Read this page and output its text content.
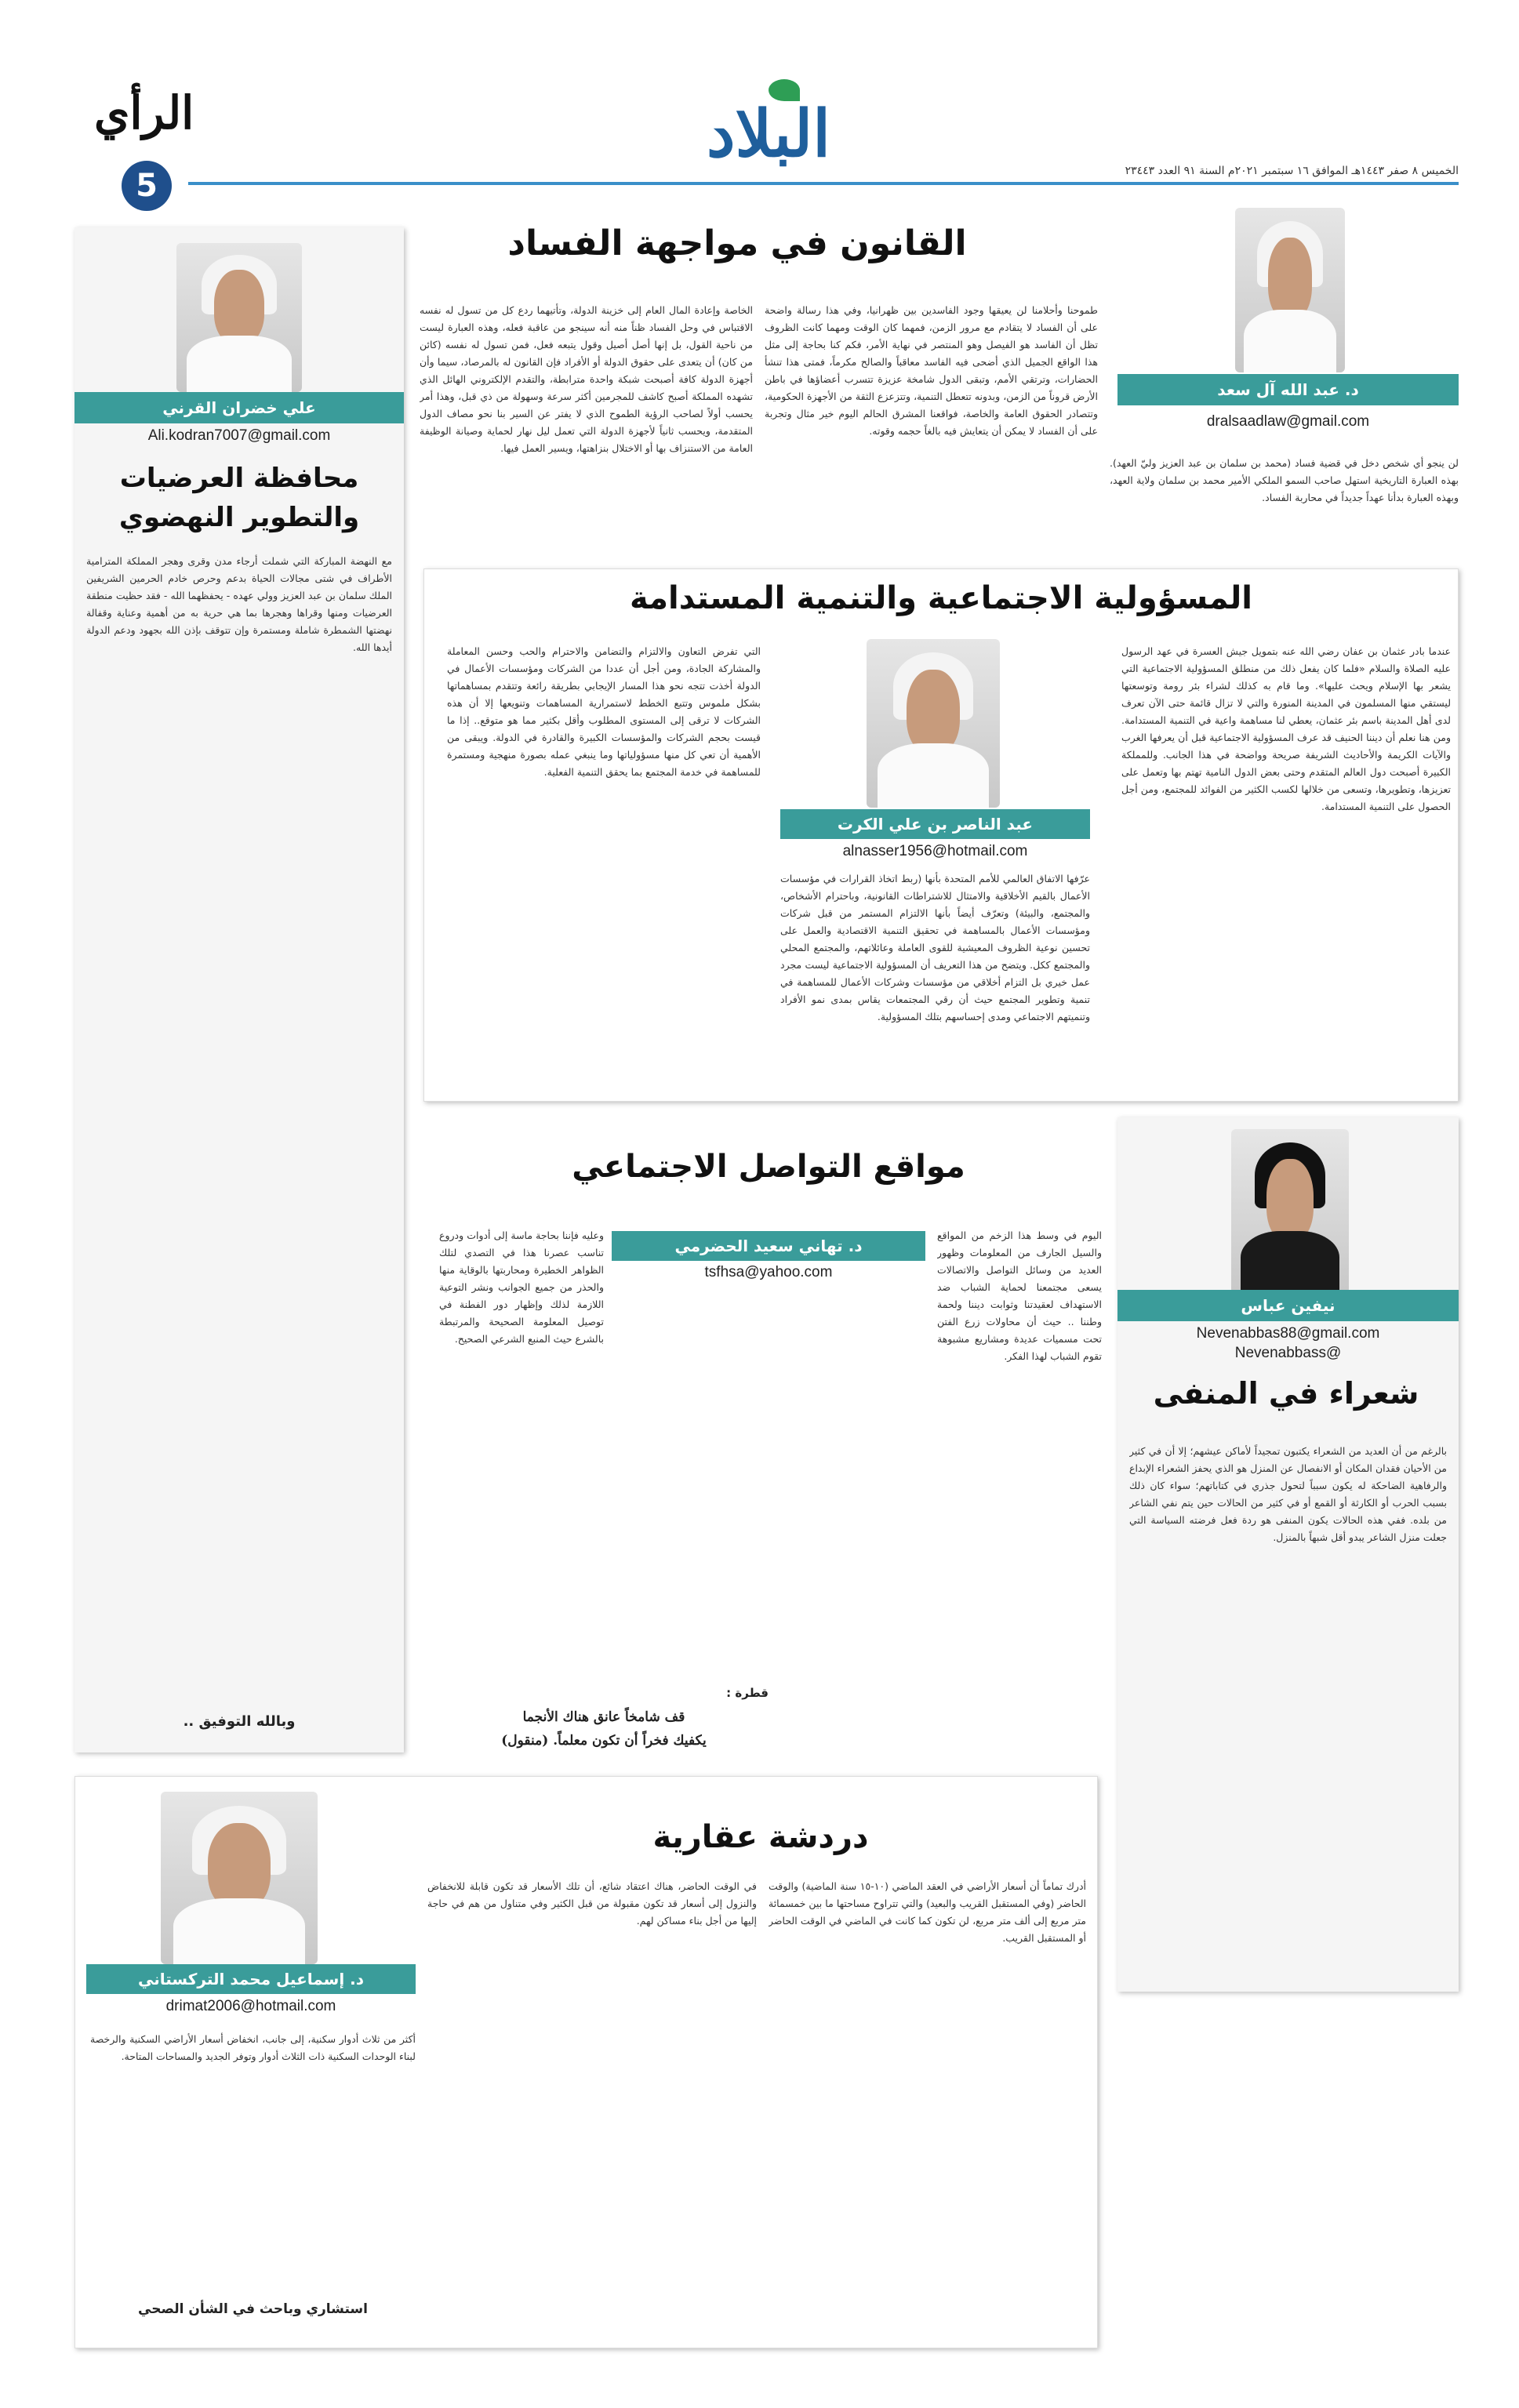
البلاد
الرأي
5	الخميس ٨ صفر ١٤٤٣هـ الموافق ١٦ سبتمبر ٢٠٢١م السنة ٩١ العدد ٢٣٤٤٣
د. عبد الله آل سعد
dralsaadlaw@gmail.com
القانون في مواجهة الفساد
لن ينجو أي شخص دخل في قضية فساد (محمد بن سلمان بن عبد العزيز وليّ العهد). بهذه العبارة التاريخية استهل صاحب السمو الملكي الأمير محمد بن سلمان ولاية العهد، وبهذه العبارة بدأنا عهداً جديداً في محاربة الفساد.
طموحنا وأحلامنا لن يعيقها وجود الفاسدين بين ظهرانيا، وفي هذا رسالة واضحة على أن الفساد لا يتقادم مع مرور الزمن، فمهما كان الوقت ومهما كانت الظروف تظل أن الفاسد هو الفيصل وهو المنتصر في نهاية الأمر، فكم كنا بحاجة إلى مثل هذا الواقع الجميل الذي أضحى فيه الفاسد معاقباً والصالح مكرماً، فمتى هذا تنشأ الحضارات، وترتقي الأمم، وتبقى الدول شامخة عزيزة تتسرب أعضاؤها في باطن الأرض قروناً من الزمن، وبدونه تتعطل التنمية، وتتزعزع الثقة من الأجهزة الحكومية، وتتصادر الحقوق العامة والخاصة، فواقعنا المشرق الحالم اليوم خير مثال وتجربة على أن الفساد لا يمكن أن يتعايش فيه بالغاً حجمه وقوته.
الخاصة وإعادة المال العام إلى خزينة الدولة، وتأتيهما ردع كل من تسول له نفسه الاقتباس في وحل الفساد ظناً منه أنه سينجو من عاقبة فعله، وهذه العبارة ليست من ناحية القول، بل إنها أصل أصيل وقول يتبعه فعل، فمن تسول له نفسه (كائن من كان) أن يتعدى على حقوق الدولة أو الأفراد فإن القانون له بالمرصاد، سيما وأن أجهزة الدولة كافة أصبحت شبكة واحدة مترابطة، والتقدم الإلكتروني الهائل الذي تشهده المملكة أصبح كاشف للمجرمين أكثر سرعة وسهولة من ذي قبل، وهذا أمر يحسب أولاً لصاحب الرؤية الطموح الذي لا يفتر عن السير بنا نحو مصاف الدول المتقدمة، ويحسب ثانياً لأجهزة الدولة التي تعمل ليل نهار لحماية وصيانة الوظيفة العامة من الاستنزاف بها أو الاختلال بنزاهتها، ويسير العمل فيها.
علي خضران القرني
Ali.kodran7007@gmail.com
محافظة العرضيات والتطوير النهضوي
مع النهضة المباركة التي شملت أرجاء مدن وقرى وهجر المملكة المترامية الأطراف في شتى مجالات الحياة بدعم وحرص خادم الحرمين الشريفين الملك سلمان بن عبد العزيز وولي عهده - يحفظهما الله - فقد حظيت منطقة العرضيات ومنها وقراها وهجرها بما هي حرية به من أهمية وعناية وقفالة نهضتها الشمطرة شاملة ومستمرة وإن تتوقف بإذن الله بجهود ودعم الدولة أيدها الله.
وبالله التوفيق ..
المسؤولية الاجتماعية والتنمية المستدامة
عندما بادر عثمان بن عفان رضي الله عنه بتمويل جيش العسرة في عهد الرسول عليه الصلاة والسلام «فلما كان يفعل ذلك من منطلق المسؤولية الاجتماعية التي يشعر بها الإسلام ويحث عليها». وما قام به كذلك لشراء بئر رومة وتوسعتها ليستقي منها المسلمون في المدينة المنورة والتي لا تزال قائمة حتى الآن تعرف لدى أهل المدينة باسم بئر عثمان، يعطي لنا مساهمة واعية في التنمية المستدامة. ومن هنا نعلم أن ديننا الحنيف قد عرف المسؤولية الاجتماعية قبل أن يعرفها الغرب والآيات الكريمة والأحاديث الشريفة صريحة وواضحة في هذا الجانب. وللمملكة الكبيرة أصبحت دول العالم المتقدم وحتى بعض الدول النامية تهتم بها وتعمل على تعزيزها، وتطويرها، وتسعى من خلالها لكسب الكثير من الفوائد للمجتمع، ومن أجل الحصول على التنمية المستدامة.
عبد الناصر بن علي الكرت
alnasser1956@hotmail.com
عرّفها الاتفاق العالمي للأمم المتحدة بأنها (ربط اتخاذ القرارات في مؤسسات الأعمال بالقيم الأخلاقية والامتثال للاشتراطات القانونية، وباحترام الأشخاص، والمجتمع، والبيئة) وتعرّف أيضاً بأنها الالتزام المستمر من قبل شركات ومؤسسات الأعمال بالمساهمة في تحقيق التنمية الاقتصادية والعمل على تحسين نوعية الظروف المعيشية للقوى العاملة وعائلاتهم، والمجتمع المحلي والمجتمع ككل. ويتضح من هذا التعريف أن المسؤولية الاجتماعية ليست مجرد عمل خيري بل التزام أخلاقي من مؤسسات وشركات الأعمال للمساهمة في تنمية وتطوير المجتمع حيث أن رقي المجتمعات يقاس بمدى نمو الأفراد وتنميتهم الاجتماعي ومدى إحساسهم بتلك المسؤولية.
التي تفرض التعاون والالتزام والتضامن والاحترام والحب وحسن المعاملة والمشاركة الجادة، ومن أجل أن عددا من الشركات ومؤسسات الأعمال في الدولة أخذت تتجه نحو هذا المسار الإيجابي بطريقة رائعة وتتقدم بمساهماتها بشكل ملموس وتتبع الخطط لاستمرارية المساهمات وتنويعها إلا أن هذه الشركات لا ترقى إلى المستوى المطلوب وأقل بكثير مما هو متوقع.. إذا ما قيست بحجم الشركات والمؤسسات الكبيرة والقادرة في الدولة. ويبقى من الأهمية أن تعي كل منها مسؤولياتها وما ينبغي عمله بصورة منهجية ومستمرة للمساهمة في خدمة المجتمع بما يحقق التنمية الفعلية.
نيفين عباس
Nevenabbas88@gmail.com
@Nevenabbass
شعراء في المنفى
بالرغم من أن العديد من الشعراء يكتبون تمجيداً لأماكن عيشهم؛ إلا أن في كثير من الأحيان فقدان المكان أو الانفصال عن المنزل هو الذي يحفز الشعراء الإبداع والرفاهية الضاحكة له يكون سبباً لتحول جذري في كتاباتهم؛ سواء كان ذلك بسبب الحرب أو الكارثة أو القمع أو في كثير من الحالات حين يتم نفي الشاعر من بلده. ففي هذه الحالات يكون المنفى هو ردة فعل فرضته السياسة التي جعلت منزل الشاعر يبدو أقل شبهاً بالمنزل.
مواقع التواصل الاجتماعي
د. تهاني سعيد الحضرمي
tsfhsa@yahoo.com
اليوم في وسط هذا الزخم من المواقع والسيل الجارف من المعلومات وظهور العديد من وسائل التواصل والاتصالات يسعى مجتمعنا لحماية الشباب ضد الاستهداف لعقيدتنا وثوابت ديننا ولحمة وطننا .. حيث أن محاولات زرع الفتن تحت مسميات عديدة ومشاريع مشبوهة تقوم الشباب لهذا الفكر.
وعليه فإننا بحاجة ماسة إلى أدوات ودروع تناسب عصرنا هذا في التصدي لتلك الظواهر الخطيرة ومحاربتها بالوقاية منها والحذر من جميع الجوانب ونشر التوعية اللازمة لذلك وإظهار دور الفطنة في توصيل المعلومة الصحيحة والمرتبطة بالشرع حيث المنبع الشرعي الصحيح.
قطرة :
قف شامخاً عانق هناك الأنجما
يكفيك فخراً أن تكون معلماً. (منقول)
دردشة عقارية
د. إسماعيل محمد التركستاني
drimat2006@hotmail.com
أدرك تماماً أن أسعار الأراضي في العقد الماضي (١٠-١٥ سنة الماضية) والوقت الحاضر (وفي المستقبل القريب والبعيد) والتي تتراوح مساحتها ما بين خمسمائة متر مربع إلى ألف متر مربع، لن تكون كما كانت في الماضي في الوقت الحاضر أو المستقبل القريب.
في الوقت الحاضر، هناك اعتقاد شائع، أن تلك الأسعار قد تكون قابلة للانخفاض والنزول إلى أسعار قد تكون مقبولة من قبل الكثير وفي متناول من هم في حاجة إليها من أجل بناء مساكن لهم.
أكثر من ثلاث أدوار سكنية، إلى جانب، انخفاض أسعار الأراضي السكنية والرخصة لبناء الوحدات السكنية ذات الثلاث أدوار وتوفر الجديد والمساحات المتاحة.
استشاري وباحث في الشأن الصحي
